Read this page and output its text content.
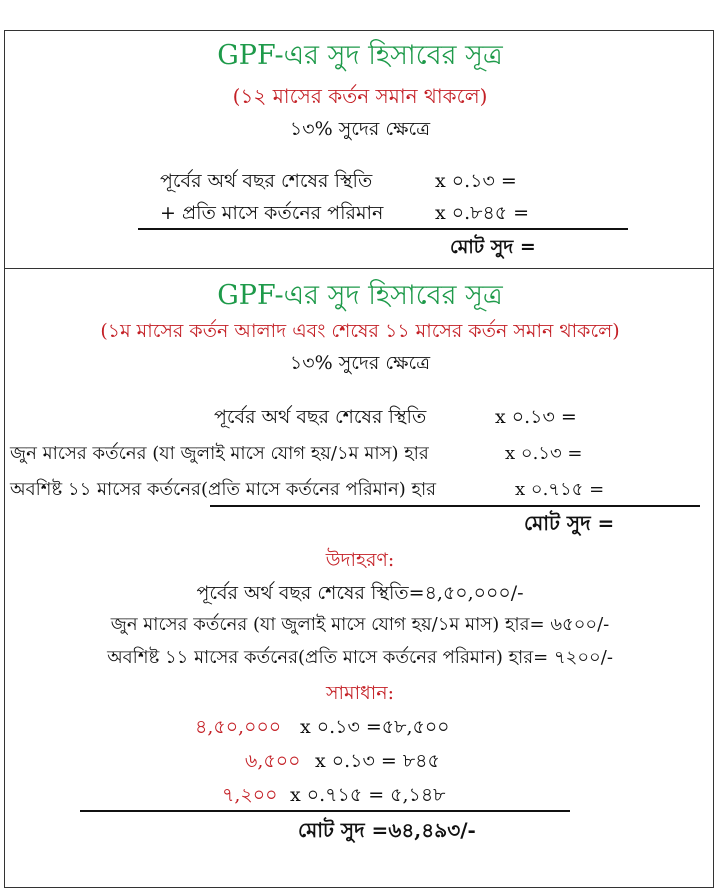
GPF-এর সুদ হিসাবের সূত্র
(১২ মাসের কর্তন সমান থাকলে)
১৩% সুদের ক্ষেত্রে
পূর্বের অর্থ বছর শেষের স্থিতি	x ০.১৩ =
+ প্রতি মাসে কর্তনের পরিমান	x ০.৮৪৫ =
মোট সুদ =
GPF-এর সুদ হিসাবের সূত্র
(১ম মাসের কর্তন আলাদ এবং শেষের ১১ মাসের কর্তন সমান থাকলে)
১৩% সুদের ক্ষেত্রে
পূর্বের অর্থ বছর শেষের স্থিতি	x ০.১৩ =
জুন মাসের কর্তনের (যা জুলাই মাসে যোগ হয়/১ম মাস) হার	x ০.১৩ =
অবশিষ্ট ১১ মাসের কর্তনের(প্রতি মাসে কর্তনের পরিমান) হার	x ০.৭১৫ =
মোট সুদ =
উদাহরণ:
পূর্বের অর্থ বছর শেষের স্থিতি=৪,৫০,০০০/-
জুন মাসের কর্তনের (যা জুলাই মাসে যোগ হয়/১ম মাস) হার= ৬৫০০/-
অবশিষ্ট ১১ মাসের কর্তনের(প্রতি মাসে কর্তনের পরিমান) হার= ৭২০০/-
সামাধান:
৪,৫০,০০০ x ০.১৩ =৫৮,৫০০
৬,৫০০ x ০.১৩ = ৮৪৫
৭,২০০ x ০.৭১৫ = ৫,১৪৮
মোট সুদ =৬৪,৪৯৩/-
